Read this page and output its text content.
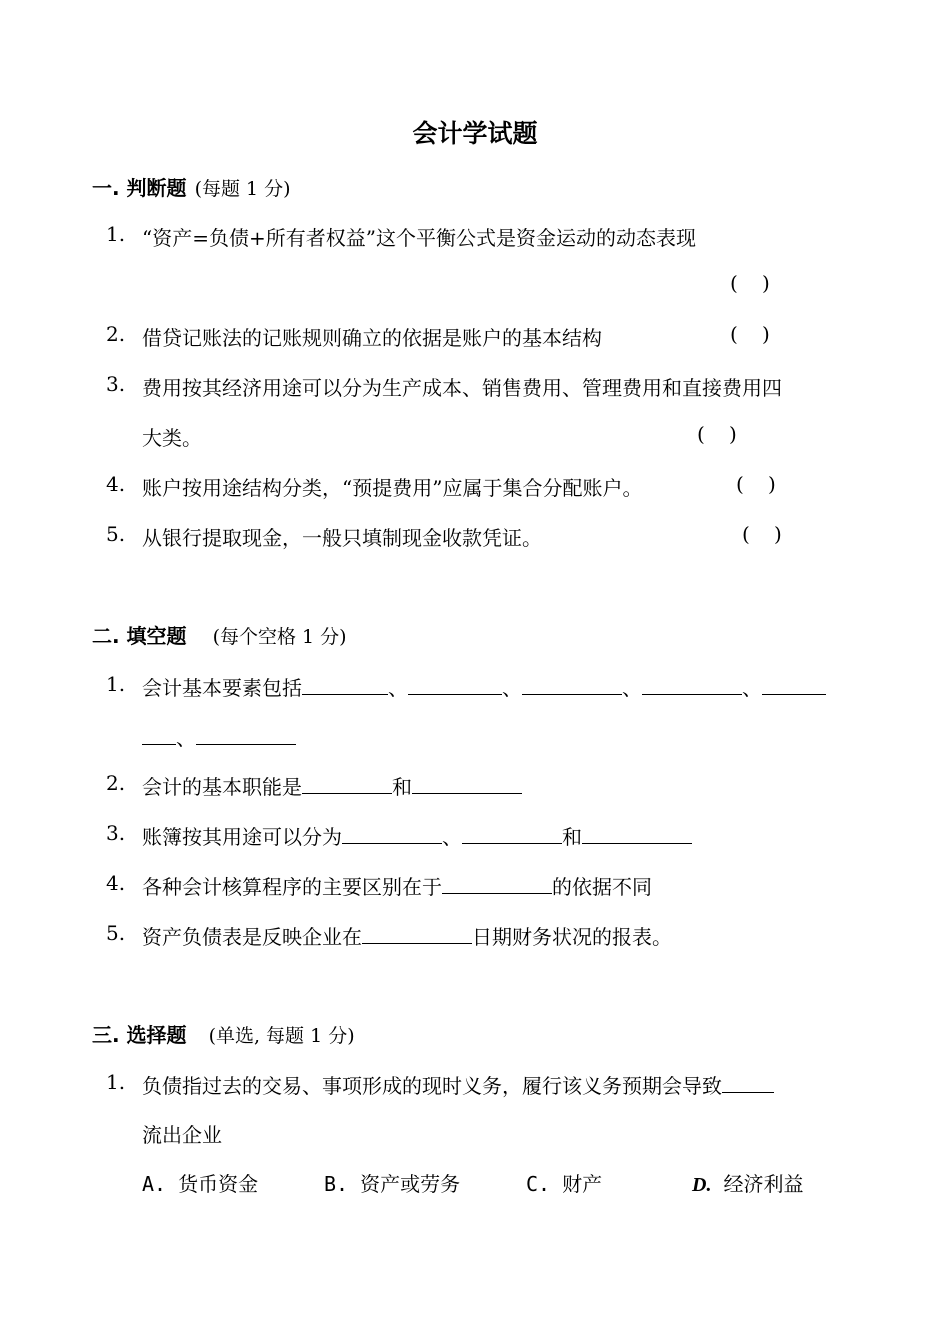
会计学试题
一. 判断题 (每题 1 分)
1. “资产=负债+所有者权益”这个平衡公式是资金运动的动态表现
( )
2. 借贷记账法的记账规则确立的依据是账户的基本结构	( )
3. 费用按其经济用途可以分为生产成本、销售费用、管理费用和直接费用四
大类。	( )
4. 账户按用途结构分类，“预提费用”应属于集合分配账户。	( )
5. 从银行提取现金，一般只填制现金收款凭证。	( )
二. 填空题 (每个空格 1 分)
1. 会计基本要素包括	、	、	、	、
、
2. 会计的基本职能是	和
3. 账簿按其用途可以分为	、	和
4. 各种会计核算程序的主要区别在于	的依据不同
5. 资产负债表是反映企业在	日期财务状况的报表。
三. 选择题 (单选, 每题 1 分)
1. 负债指过去的交易、事项形成的现时义务，履行该义务预期会导致
流出企业
A. 货币资金	B. 资产或劳务	C. 财产	D. 经济利益
